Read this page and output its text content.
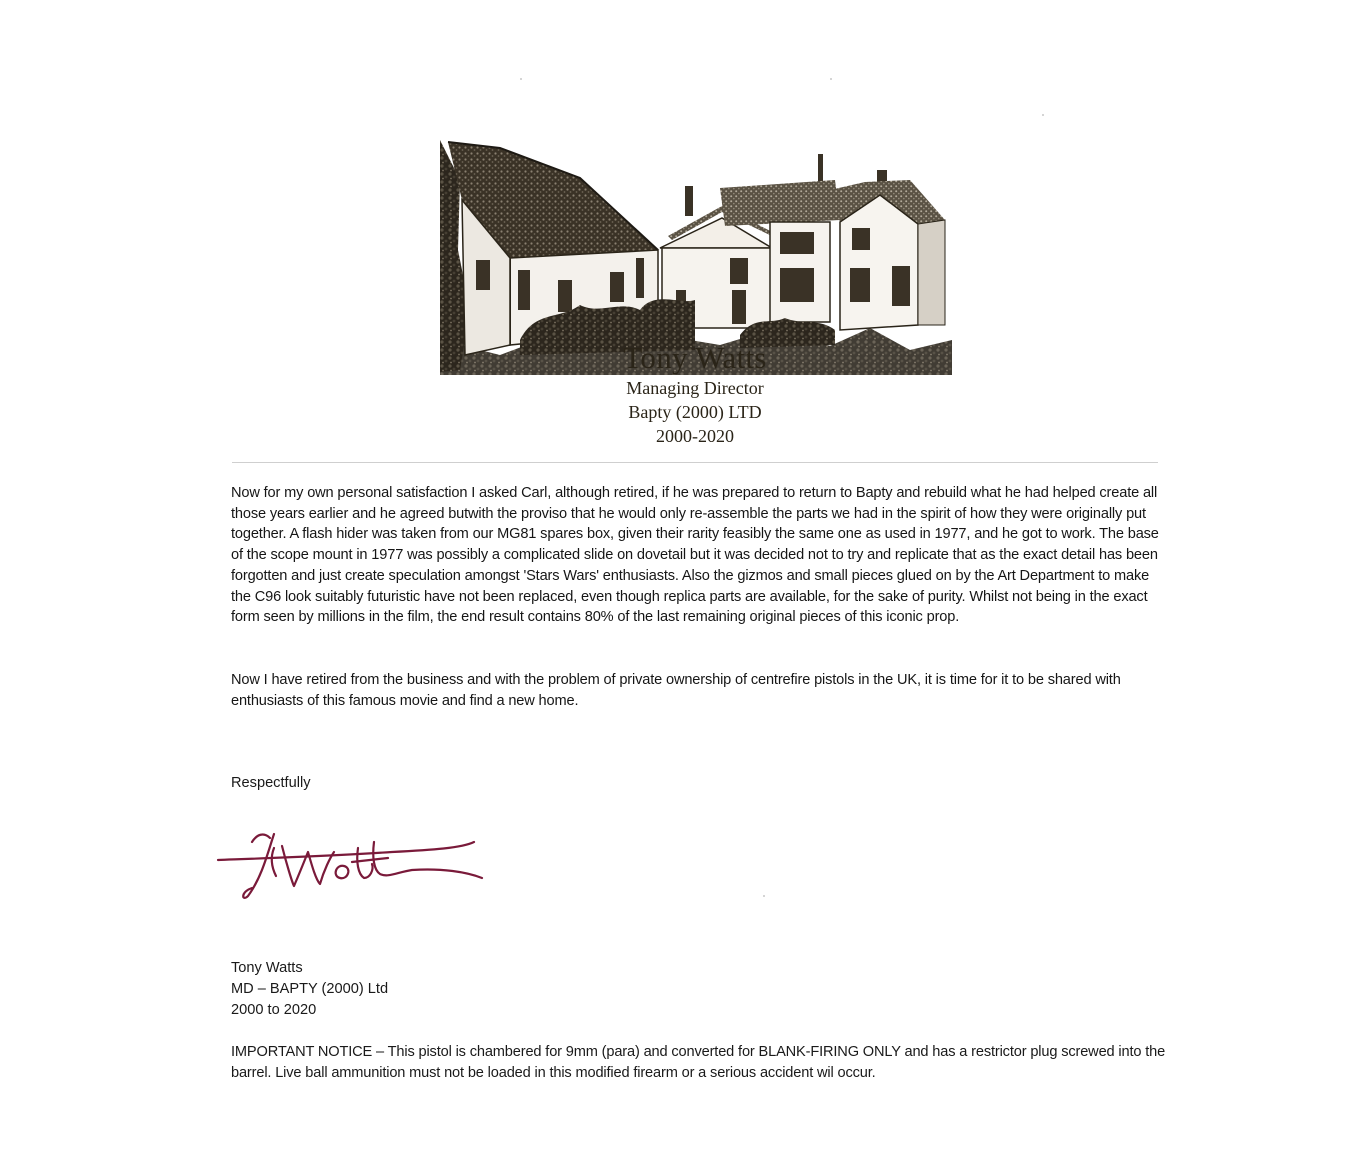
Tony Watts
Managing Director
Bapty (2000) LTD
2000-2020

Now for my own personal satisfaction I asked Carl, although retired, if he was prepared to return to Bapty and rebuild what he had helped create all those years earlier and he agreed butwith the proviso that he would only re-assemble the parts we had in the spirit of how they were originally put together. A flash hider was taken from our MG81 spares box, given their rarity feasibly the same one as used in 1977, and he got to work. The base of the scope mount in 1977 was possibly a complicated slide on dovetail but it was decided not to try and replicate that as the exact detail has been forgotten and just create speculation amongst 'Stars Wars' enthusiasts. Also the gizmos and small pieces glued on by the Art Department to make the C96 look suitably futuristic have not been replaced, even though replica parts are available, for the sake of purity. Whilst not being in the exact form seen by millions in the film, the end result contains 80% of the last remaining original pieces of this iconic prop.

Now I have retired from the business and with the problem of private ownership of centrefire pistols in the UK, it is time for it to be shared with enthusiasts of this famous movie and find a new home.

Respectfully
Tony Watts
MD – BAPTY (2000) Ltd
2000 to 2020

IMPORTANT NOTICE – This pistol is chambered for 9mm (para) and converted for BLANK-FIRING ONLY and has a restrictor plug screwed into the barrel. Live ball ammunition must not be loaded in this modified firearm or a serious accident wil occur.
